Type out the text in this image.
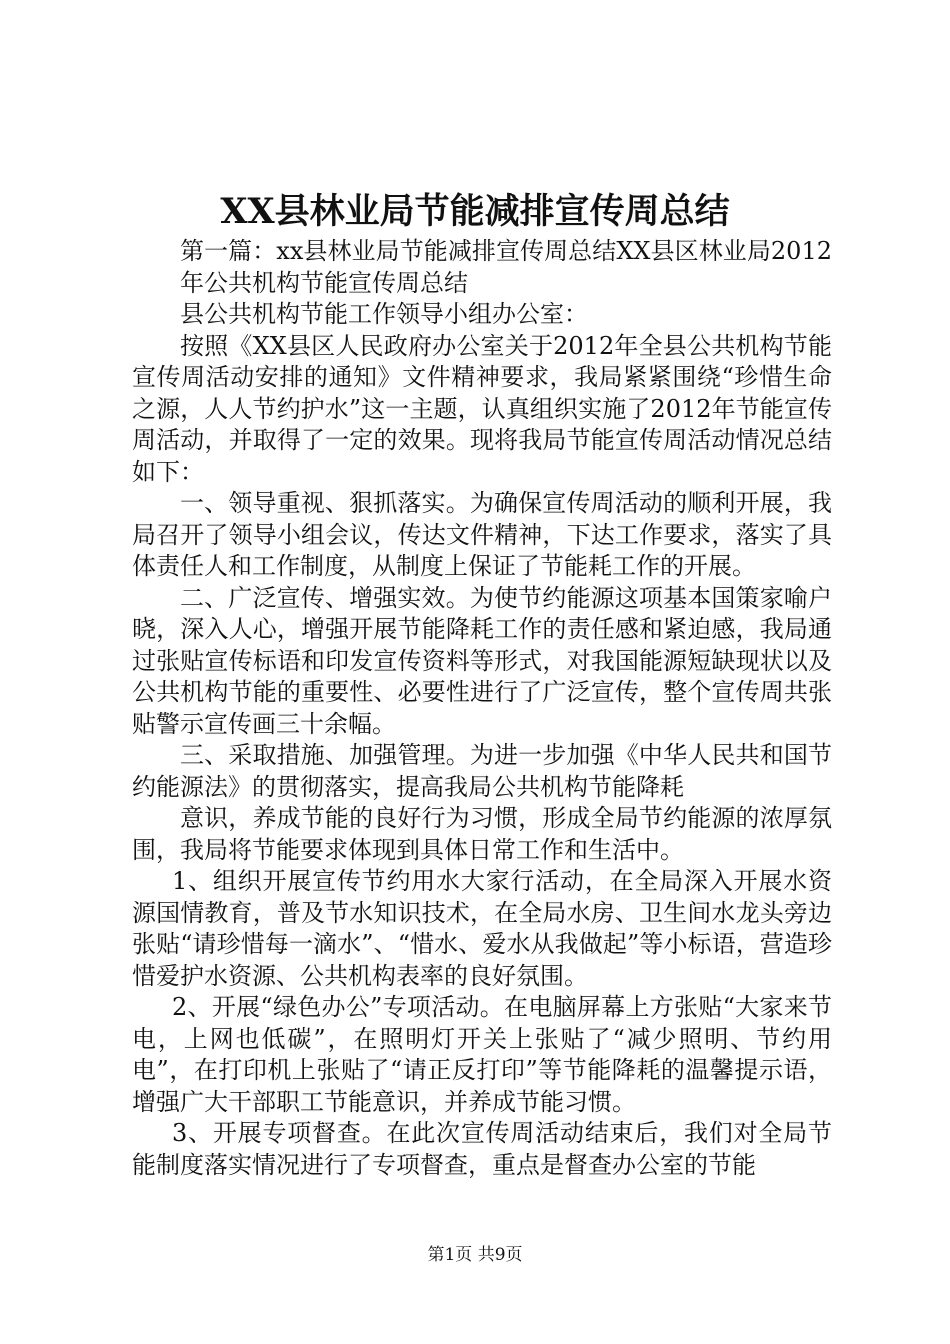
XX县林业局节能减排宣传周总结

第一篇：xx县林业局节能减排宣传周总结XX县区林业局2012年公共机构节能宣传周总结

县公共机构节能工作领导小组办公室：

按照《XX县区人民政府办公室关于2012年全县公共机构节能宣传周活动安排的通知》文件精神要求，我局紧紧围绕“珍惜生命之源，人人节约护水”这一主题，认真组织实施了2012年节能宣传周活动，并取得了一定的效果。现将我局节能宣传周活动情况总结如下：

一、领导重视、狠抓落实。为确保宣传周活动的顺利开展，我局召开了领导小组会议，传达文件精神，下达工作要求，落实了具体责任人和工作制度，从制度上保证了节能耗工作的开展。

二、广泛宣传、增强实效。为使节约能源这项基本国策家喻户晓，深入人心，增强开展节能降耗工作的责任感和紧迫感，我局通过张贴宣传标语和印发宣传资料等形式，对我国能源短缺现状以及公共机构节能的重要性、必要性进行了广泛宣传，整个宣传周共张贴警示宣传画三十余幅。

三、采取措施、加强管理。为进一步加强《中华人民共和国节约能源法》的贯彻落实，提高我局公共机构节能降耗

意识，养成节能的良好行为习惯，形成全局节约能源的浓厚氛围，我局将节能要求体现到具体日常工作和生活中。

1、组织开展宣传节约用水大家行活动，在全局深入开展水资源国情教育，普及节水知识技术，在全局水房、卫生间水龙头旁边张贴“请珍惜每一滴水”、“惜水、爱水从我做起”等小标语，营造珍惜爱护水资源、公共机构表率的良好氛围。

2、开展“绿色办公”专项活动。在电脑屏幕上方张贴“大家来节电，上网也低碳”，在照明灯开关上张贴了“减少照明、节约用电”，在打印机上张贴了“请正反打印”等节能降耗的温馨提示语，增强广大干部职工节能意识，并养成节能习惯。

3、开展专项督查。在此次宣传周活动结束后，我们对全局节能制度落实情况进行了专项督查，重点是督查办公室的节能

第1页 共9页
